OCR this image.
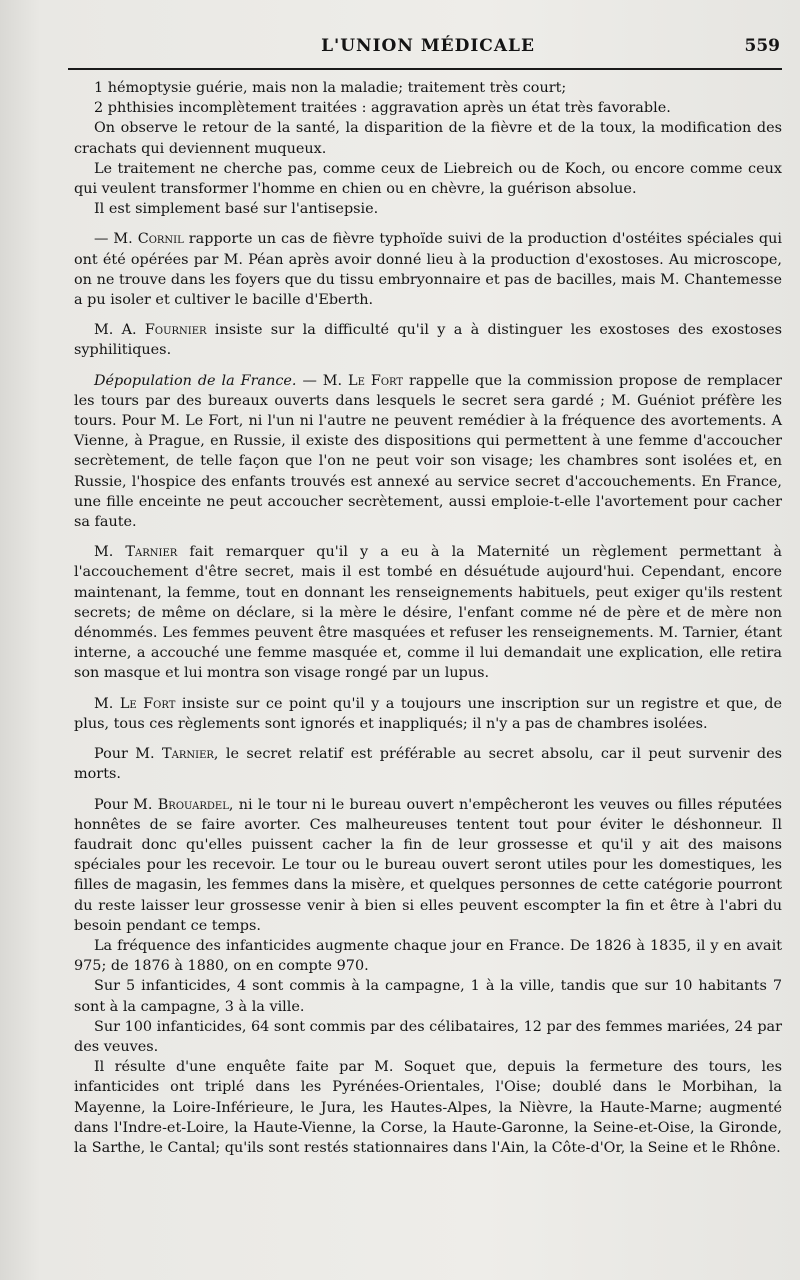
L'UNION MÉDICALE	559

1 hémoptysie guérie, mais non la maladie; traitement très court;

2 phthisies incomplètement traitées : aggravation après un état très favorable.

On observe le retour de la santé, la disparition de la fièvre et de la toux, la modification des crachats qui deviennent muqueux.

Le traitement ne cherche pas, comme ceux de Liebreich ou de Koch, ou encore comme ceux qui veulent transformer l'homme en chien ou en chèvre, la guérison absolue.

Il est simplement basé sur l'antisepsie.

— M. Cornil rapporte un cas de fièvre typhoïde suivi de la production d'ostéites spéciales qui ont été opérées par M. Péan après avoir donné lieu à la production d'exostoses. Au microscope, on ne trouve dans les foyers que du tissu embryonnaire et pas de bacilles, mais M. Chantemesse a pu isoler et cultiver le bacille d'Eberth.

M. A. Fournier insiste sur la difficulté qu'il y a à distinguer les exostoses des exostoses syphilitiques.

Dépopulation de la France. — M. Le Fort rappelle que la commission propose de remplacer les tours par des bureaux ouverts dans lesquels le secret sera gardé ; M. Guéniot préfère les tours. Pour M. Le Fort, ni l'un ni l'autre ne peuvent remédier à la fréquence des avortements. A Vienne, à Prague, en Russie, il existe des dispositions qui permettent à une femme d'accoucher secrètement, de telle façon que l'on ne peut voir son visage; les chambres sont isolées et, en Russie, l'hospice des enfants trouvés est annexé au service secret d'accouchements. En France, une fille enceinte ne peut accoucher secrètement, aussi emploie-t-elle l'avortement pour cacher sa faute.

M. Tarnier fait remarquer qu'il y a eu à la Maternité un règlement permettant à l'accouchement d'être secret, mais il est tombé en désuétude aujourd'hui. Cependant, encore maintenant, la femme, tout en donnant les renseignements habituels, peut exiger qu'ils restent secrets; de même on déclare, si la mère le désire, l'enfant comme né de père et de mère non dénommés. Les femmes peuvent être masquées et refuser les renseignements. M. Tarnier, étant interne, a accouché une femme masquée et, comme il lui demandait une explication, elle retira son masque et lui montra son visage rongé par un lupus.

M. Le Fort insiste sur ce point qu'il y a toujours une inscription sur un registre et que, de plus, tous ces règlements sont ignorés et inappliqués; il n'y a pas de chambres isolées.

Pour M. Tarnier, le secret relatif est préférable au secret absolu, car il peut survenir des morts.

Pour M. Brouardel, ni le tour ni le bureau ouvert n'empêcheront les veuves ou filles réputées honnêtes de se faire avorter. Ces malheureuses tentent tout pour éviter le déshonneur. Il faudrait donc qu'elles puissent cacher la fin de leur grossesse et qu'il y ait des maisons spéciales pour les recevoir. Le tour ou le bureau ouvert seront utiles pour les domestiques, les filles de magasin, les femmes dans la misère, et quelques personnes de cette catégorie pourront du reste laisser leur grossesse venir à bien si elles peuvent escompter la fin et être à l'abri du besoin pendant ce temps.

La fréquence des infanticides augmente chaque jour en France. De 1826 à 1835, il y en avait 975; de 1876 à 1880, on en compte 970.

Sur 5 infanticides, 4 sont commis à la campagne, 1 à la ville, tandis que sur 10 habitants 7 sont à la campagne, 3 à la ville.

Sur 100 infanticides, 64 sont commis par des célibataires, 12 par des femmes mariées, 24 par des veuves.

Il résulte d'une enquête faite par M. Soquet que, depuis la fermeture des tours, les infanticides ont triplé dans les Pyrénées-Orientales, l'Oise; doublé dans le Morbihan, la Mayenne, la Loire-Inférieure, le Jura, les Hautes-Alpes, la Nièvre, la Haute-Marne; augmenté dans l'Indre-et-Loire, la Haute-Vienne, la Corse, la Haute-Garonne, la Seine-et-Oise, la Gironde, la Sarthe, le Cantal; qu'ils sont restés stationnaires dans l'Ain, la Côte-d'Or, la Seine et le Rhône.
